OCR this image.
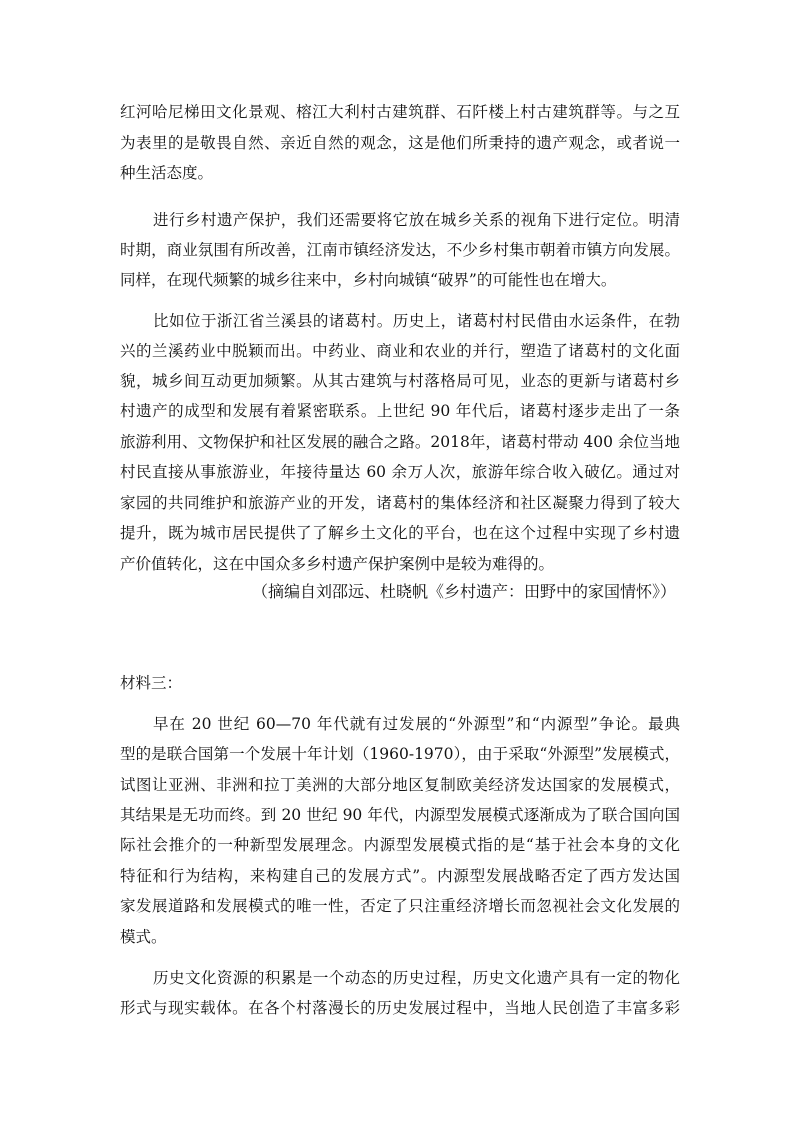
红河哈尼梯田文化景观、榕江大利村古建筑群、石阡楼上村古建筑群等。与之互
为表里的是敬畏自然、亲近自然的观念，这是他们所秉持的遗产观念，或者说一
种生活态度。
进行乡村遗产保护，我们还需要将它放在城乡关系的视角下进行定位。明清
时期，商业氛围有所改善，江南市镇经济发达，不少乡村集市朝着市镇方向发展。
同样，在现代频繁的城乡往来中，乡村向城镇“破界”的可能性也在增大。
比如位于浙江省兰溪县的诸葛村。历史上，诸葛村村民借由水运条件，在勃
兴的兰溪药业中脱颖而出。中药业、商业和农业的并行，塑造了诸葛村的文化面
貌，城乡间互动更加频繁。从其古建筑与村落格局可见，业态的更新与诸葛村乡
村遗产的成型和发展有着紧密联系。上世纪 90 年代后，诸葛村逐步走出了一条
旅游利用、文物保护和社区发展的融合之路。2018年，诸葛村带动 400 余位当地
村民直接从事旅游业，年接待量达 60 余万人次，旅游年综合收入破亿。通过对
家园的共同维护和旅游产业的开发，诸葛村的集体经济和社区凝聚力得到了较大
提升，既为城市居民提供了了解乡土文化的平台，也在这个过程中实现了乡村遗
产价值转化，这在中国众多乡村遗产保护案例中是较为难得的。
（摘编自刘邵远、杜晓帆《乡村遗产：田野中的家国情怀》）
材料三：
早在 20 世纪 60—70 年代就有过发展的“外源型”和“内源型”争论。最典
型的是联合国第一个发展十年计划（1960-1970），由于采取“外源型”发展模式，
试图让亚洲、非洲和拉丁美洲的大部分地区复制欧美经济发达国家的发展模式，
其结果是无功而终。到 20 世纪 90 年代，内源型发展模式逐渐成为了联合国向国
际社会推介的一种新型发展理念。内源型发展模式指的是“基于社会本身的文化
特征和行为结构，来构建自己的发展方式”。内源型发展战略否定了西方发达国
家发展道路和发展模式的唯一性，否定了只注重经济增长而忽视社会文化发展的
模式。
历史文化资源的积累是一个动态的历史过程，历史文化遗产具有一定的物化
形式与现实载体。在各个村落漫长的历史发展过程中，当地人民创造了丰富多彩
